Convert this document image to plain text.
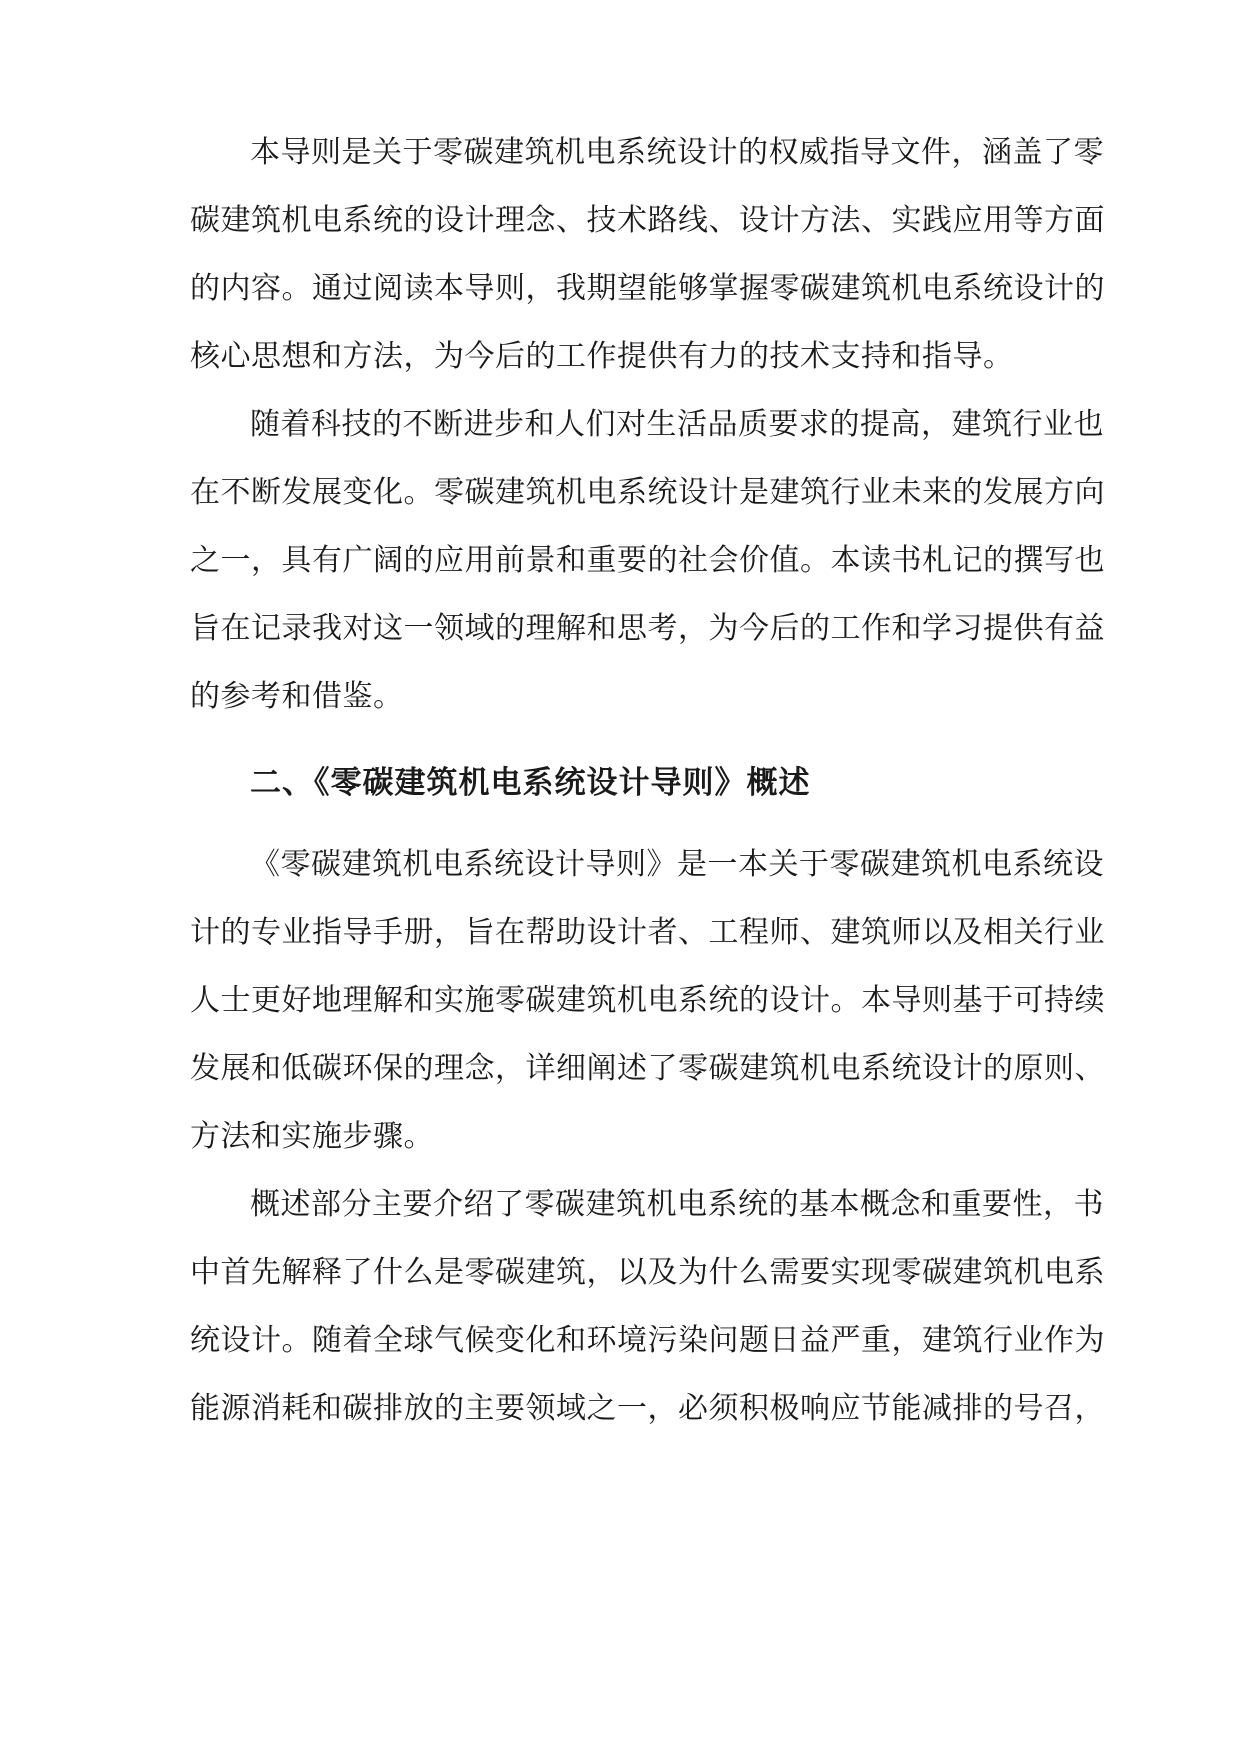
本导则是关于零碳建筑机电系统设计的权威指导文件，涵盖了零
碳建筑机电系统的设计理念、技术路线、设计方法、实践应用等方面
的内容。通过阅读本导则，我期望能够掌握零碳建筑机电系统设计的
核心思想和方法，为今后的工作提供有力的技术支持和指导。
随着科技的不断进步和人们对生活品质要求的提高，建筑行业也
在不断发展变化。零碳建筑机电系统设计是建筑行业未来的发展方向
之一，具有广阔的应用前景和重要的社会价值。本读书札记的撰写也
旨在记录我对这一领域的理解和思考，为今后的工作和学习提供有益
的参考和借鉴。
二、《零碳建筑机电系统设计导则》概述
《零碳建筑机电系统设计导则》是一本关于零碳建筑机电系统设
计的专业指导手册，旨在帮助设计者、工程师、建筑师以及相关行业
人士更好地理解和实施零碳建筑机电系统的设计。本导则基于可持续
发展和低碳环保的理念，详细阐述了零碳建筑机电系统设计的原则、
方法和实施步骤。
概述部分主要介绍了零碳建筑机电系统的基本概念和重要性，书
中首先解释了什么是零碳建筑，以及为什么需要实现零碳建筑机电系
统设计。随着全球气候变化和环境污染问题日益严重，建筑行业作为
能源消耗和碳排放的主要领域之一，必须积极响应节能减排的号召，
